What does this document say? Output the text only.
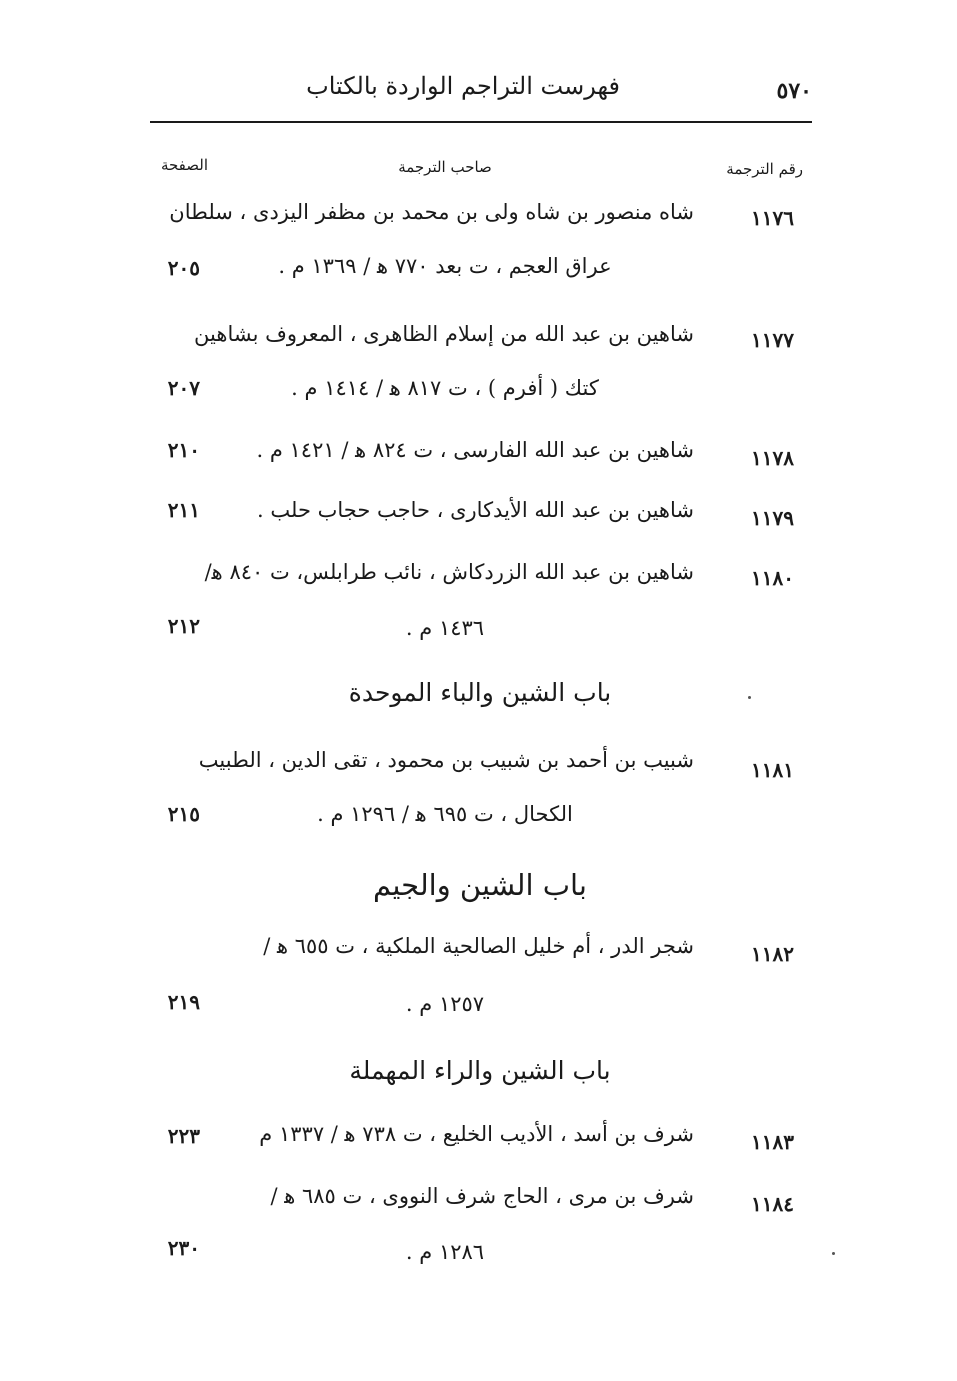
فهرست التراجم الواردة بالكتاب	٥٧٠
رقم الترجمة
صاحب الترجمة
الصفحة
١١٧٦
شاه منصور بن شاه ولى بن محمد بن مظفر اليزدى ، سلطان
عراق العجم ، ت بعد ٧٧٠ ﻫ / ١٣٦٩ م .
٢٠٥
١١٧٧
شاهين بن عبد الله من إسلام الظاهرى ، المعروف بشاهين
كتك ( أفرم ) ، ت ٨١٧ ﻫ / ١٤١٤ م .
٢٠٧
١١٧٨
شاهين بن عبد الله الفارسى ، ت ٨٢٤ ﻫ / ١٤٢١ م .
٢١٠
١١٧٩
شاهين بن عبد الله الأيدكارى ، حاجب حجاب حلب .
٢١١
١١٨٠
شاهين بن عبد الله الزردكاش ، نائب طرابلس، ت ٨٤٠ ﻫ/
١٤٣٦ م .
٢١٢
باب الشين والباء الموحدة
١١٨١
شبيب بن أحمد بن شبيب بن محمود ، تقى الدين ، الطبيب
الكحال ، ت ٦٩٥ ﻫ / ١٢٩٦ م .
٢١٥
باب الشين والجيم
١١٨٢
شجر الدر ، أم خليل الصالحية الملكية ، ت ٦٥٥ ﻫ /
١٢٥٧ م .
٢١٩
باب الشين والراء المهملة
١١٨٣
شرف بن أسد ، الأديب الخليع ، ت ٧٣٨ ﻫ / ١٣٣٧ م
٢٢٣
١١٨٤
شرف بن مرى ، الحاج شرف النووى ، ت ٦٨٥ ﻫ /
١٢٨٦ م .
٢٣٠
